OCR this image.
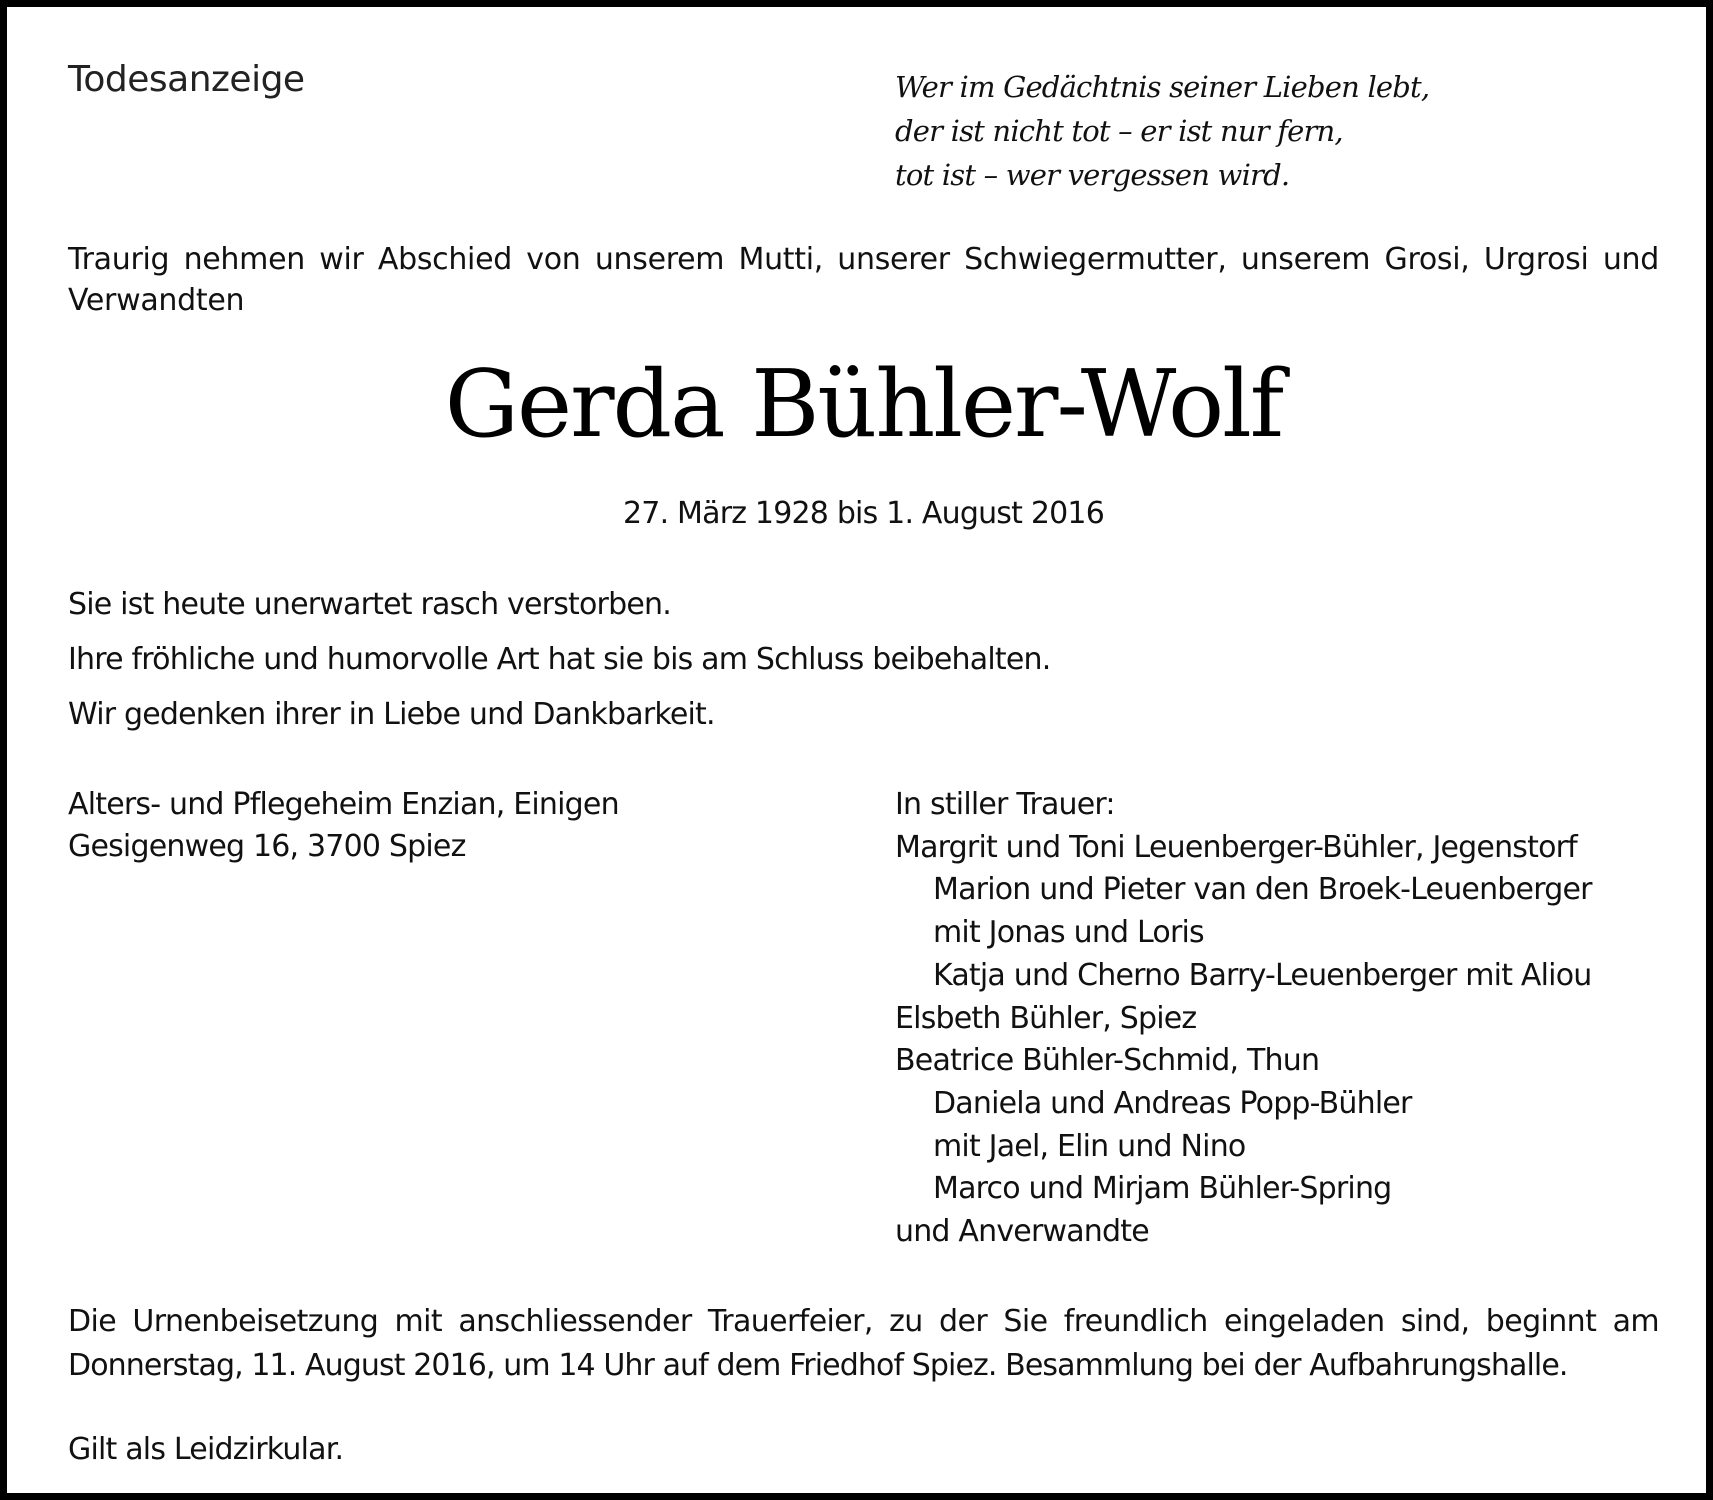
Todesanzeige	Wer im Gedächtnis seiner Lieben lebt,
der ist nicht tot – er ist nur fern,
tot ist – wer vergessen wird.
Traurig nehmen wir Abschied von unserem Mutti, unserer Schwiegermutter, unserem Grosi, Urgrosi und
Verwandten
Gerda Bühler-Wolf
27. März 1928 bis 1. August 2016
Sie ist heute unerwartet rasch verstorben.
Ihre fröhliche und humorvolle Art hat sie bis am Schluss beibehalten.
Wir gedenken ihrer in Liebe und Dankbarkeit.
Alters- und Pflegeheim Enzian, Einigen
Gesigenweg 16, 3700 Spiez
In stiller Trauer:
Margrit und Toni Leuenberger-Bühler, Jegenstorf
Marion und Pieter van den Broek-Leuenberger
mit Jonas und Loris
Katja und Cherno Barry-Leuenberger mit Aliou
Elsbeth Bühler, Spiez
Beatrice Bühler-Schmid, Thun
Daniela und Andreas Popp-Bühler
mit Jael, Elin und Nino
Marco und Mirjam Bühler-Spring
und Anverwandte
Die Urnenbeisetzung mit anschliessender Trauerfeier, zu der Sie freundlich eingeladen sind, beginnt am
Donnerstag, 11. August 2016, um 14 Uhr auf dem Friedhof Spiez. Besammlung bei der Aufbahrungshalle.
Gilt als Leidzirkular.
